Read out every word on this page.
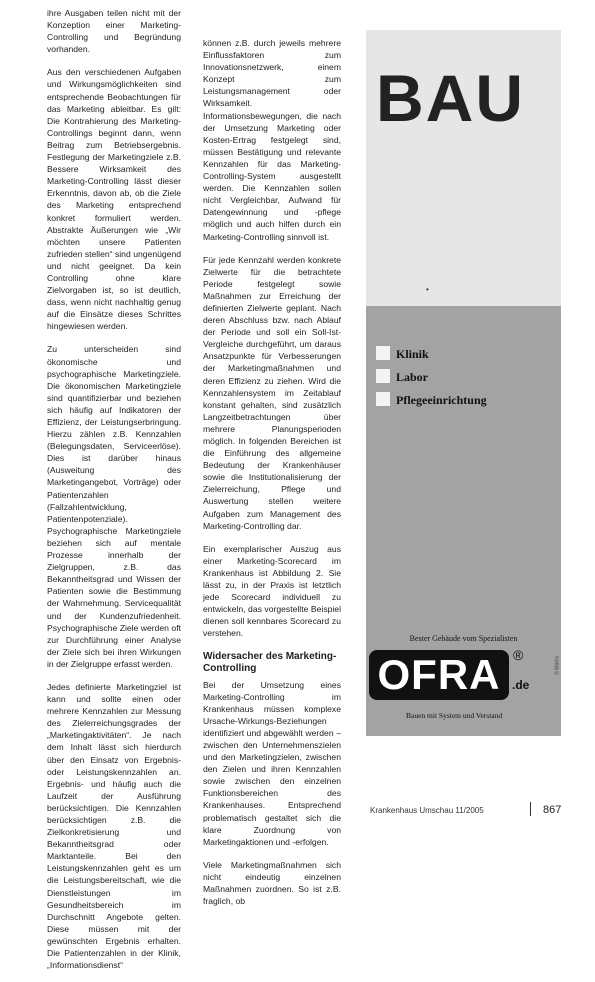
ihre Ausgaben teilen nicht mit der Konzeption einer Marketing-Controlling und Begründung vorhanden.

Aus den verschiedenen Aufgaben und Wirkungsmöglichkeiten sind entsprechende Beobachtungen für das Marketing ableitbar. Es gilt: Die Kontrahierung des Marketing-Controllings beginnt dann, wenn Beitrag zum Betriebsergebnis. Festlegung der Marketingziele z.B. Bessere Wirksamkeit des Marketing-Controlling lässt dieser Erkenntnis, davon ab, ob die Ziele des Marketing entsprechend konkret formuliert werden. Abstrakte Äußerungen wie „Wir möchten unsere Patienten zufrieden stellen“ sind ungenügend und nicht geeignet. Da kein Controlling ohne klare Zielvorgaben ist, so ist deutlich, dass, wenn nicht nachhaltig genug auf die Einsätze dieses Schrittes hingewiesen werden.

Zu unterscheiden sind ökonomische und psychographische Marketingziele. Die ökonomischen Marketingziele sind quantifizierbar und beziehen sich häufig auf Indikatoren der Effizienz, der Leistungserbringung. Hierzu zählen z.B. Kennzahlen (Belegungsdaten, Serviceerlöse). Dies ist darüber hinaus (Ausweitung des Marketingangebot, Vorträge) oder Patientenzahlen (Fallzahlentwicklung, Patientenpotenziale). Psychographische Marketingziele beziehen sich auf mentale Prozesse innerhalb der Zielgruppen, z.B. das Bekanntheitsgrad und Wissen der Patienten sowie die Bestimmung der Wahrnehmung. Servicequalität und der Kundenzufriedenheit. Psychographische Ziele werden oft zur Durchführung einer Analyse der Ziele sich bei ihren Wirkungen in der Zielgruppe erfasst werden.

Jedes definierte Marketingziel ist kann und sollte einen oder mehrere Kennzahlen zur Messung des Zielerreichungsgrades der „Marketingaktivitäten“. Je nach dem Inhalt lässt sich hierdurch über den Einsatz von Ergebnis- oder Leistungskennzahlen an. Ergebnis- und häufig auch die Laufzeit der Ausführung berücksichtigen. Die Kennzahlen berücksichtigen z.B. die Zielkonkretisierung und Bekanntheitsgrad oder Marktanteile. Bei den Leistungskennzahlen geht es um die Leistungsbereitschaft, wie die Dienstleistungen im Gesundheitsbereich im Durchschnitt Angebote gelten. Diese müssen mit der gewünschten Ergebnis erhalten. Die Patientenzahlen in der Klinik, „Informationsdienst“

können z.B. durch jeweils mehrere Einflussfaktoren zum Innovationsnetzwerk, einem Konzept zum Leistungsmanagement oder Wirksamkeit. Informationsbewegungen, die nach der Umsetzung Marketing oder Kosten-Ertrag festgelegt sind, müssen Bestätigung und relevante Kennzahlen für das Marketing-Controlling-System ausgestellt werden. Die Kennzahlen sollen nicht Vergleichbar, Aufwand für Datengewinnung und -pflege möglich und auch hilfen durch ein Marketing-Controlling sinnvoll ist.

Für jede Kennzahl werden konkrete Zielwerte für die betrachtete Periode festgelegt sowie Maßnahmen zur Erreichung der definierten Zielwerte geplant. Nach deren Abschluss bzw. nach Ablauf der Periode und soll ein Soll-Ist-Vergleiche durchgeführt, um daraus Ansatzpunkte für Verbesserungen der Marketingmaßnahmen und deren Effizienz zu ziehen. Wird die Kennzahlensystem im Zeitablauf konstant gehalten, sind zusätzlich Langzeitbetrachtungen über mehrere Planungsperioden möglich. In folgenden Bereichen ist die Einführung des allgemeine Bedeutung der Krankenhäuser sowie die Institutionalisierung der Zielerreichung, Pflege und Auswertung stellen weitere Aufgaben zum Management des Marketing-Controlling dar.

Ein exemplarischer Auszug aus einer Marketing-Scorecard im Krankenhaus ist Abbildung 2. Sie lässt zu, in der Praxis ist letztlich jede Scorecard individuell zu entwickeln, das vorgestellte Beispiel dienen soll kennbares Scorecard zu verstehen.

Widersacher des Marketing-Controlling

Bei der Umsetzung eines Marketing-Controlling im Krankenhaus müssen komplexe Ursache-Wirkungs-Beziehungen identifiziert und abgewählt werden – zwischen den Unternehmenszielen und den Marketingzielen, zwischen den Zielen und ihren Kennzahlen sowie zwischen den einzelnen Funktionsbereichen des Krankenhauses. Entsprechend problematisch gestaltet sich die klare Zuordnung von Marketingaktionen und -erfolgen.

Viele Marketingmaßnahmen sich nicht eindeutig einzelnen Maßnahmen zuordnen. So ist z.B. fraglich, ob

BAU
•
Klinik
Labor
Pflegeeinrichtung
© Matrix
Bester Gebäude vom Spezialisten
OFRA ®
.de
Bauen mit System und Verstand
Krankenhaus Umschau 11/2005	867
